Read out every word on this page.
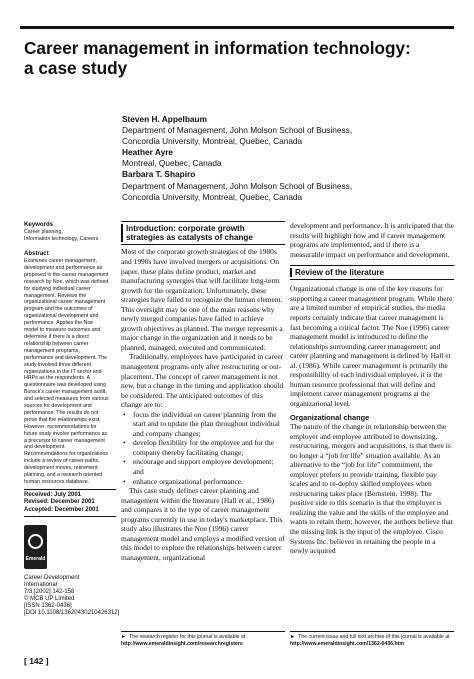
Career management in information technology:
a case study
Steven H. Appelbaum
Department of Management, John Molson School of Business,
Concordia University, Montreal, Quebec, Canada
Heather Ayre
Montreal, Quebec, Canada
Barbara T. Shapiro
Department of Management, John Molson School of Business,
Concordia University, Montreal, Quebec, Canada
Keywords
Career planning,
Information technology, Careers
Abstract
Examines career management,
development and performance as
proposed in the career management
research by Noe, which was defined
for studying individual career
management. Reviews the
organizational career management
program and the outcomes of
organizational development and
performance. Applies the Noe
model to measure outcomes and
determine if there is a direct
relationship between career
management programs,
performance and development. The
study involved three different
organizations in the IT sector and
HRPs as the respondents. A
questionnaire was developed using
Burack's career management audit,
and selected measures from various
sources for development and
performance. The results do not
prove that the relationships exist.
However, recommendations for
future study involve performance as
a precursor to career management
and development.
Recommendations for organizations
include a review of career paths,
development moves, retirement
planning, and a research oriented
human resources database.
Received: July 2001
Revised: December 2001
Accepted: December 2001
Emerald
Career Development
International
7/3 [2002] 142-158
© MCB UP Limited
[ISSN 1362-0436]
[DOI 10.1108/13620430210426312]
[ 142 ]
Introduction: corporate growth
strategies as catalysts of change

Most of the corporate growth strategies of the 1980s and 1990s have involved mergers or acquisitions. On paper, these plans define product, market and manufacturing synergies that will facilitate long-term growth for the organization. Unfortunately, these strategies have failed to recognize the human element. This oversight may be one of the main reasons why newly merged companies have failed to achieve growth objectives as planned. The merger represents a major change in the organization and it needs to be planned, managed, executed and communicated.

Traditionally, employees have participated in career management programs only after restructuring or out-placement. The concept of career management is not new, but a change in the timing and application should be considered. The anticipated outcomes of this change are to:

• focus the individual on career planning from the start and to update the plan throughout individual and company changes;
• develop flexibility for the employee and for the company thereby facilitating change;
• encourage and support employee development; and
• enhance organizational performance.

This case study defines career planning and management within the literature (Hall et al., 1986) and compares it to the type of career management programs currently in use in today's marketplace. This study also illustrates the Noe (1996) career management model and employs a modified version of this model to explore the relationships between career management, organizational

development and performance. It is anticipated that the results will highlight how and if career management programs are implemented, and if there is a measurable impact on performance and development.

Review of the literature

Organizational change is one of the key reasons for supporting a career management program. While there are a limited number of empirical studies, the media reports certainly indicate that career management is fast becoming a critical factor. The Noe (1996) career management model is introduced to define the relationships surrounding career management; and career planning and management is defined by Hall et al. (1986). While career management is primarily the responsibility of each individual employee, it is the human resource professional that will define and implement career management programs at the organizational level.

Organizational change

The nature of the change in relationship between the employer and employee attributed to downsizing, restructuring, mergers and acquisitions, is that there is no longer a “job for life” situation available. As an alternative to the “job for life” commitment, the employer prefers to provide training, flexible pay scales and to re-deploy skilled employees when restructuring takes place (Bernstein, 1998). The positive side to this scenario is that the employer is realizing the value and the skills of the employee and wants to retain them; however, the authors believe that the missing link is the input of the employee. Cisco Systems Inc. believes in retaining the people in a newly acquired

► The research register for this journal is available at
http://www.emeraldinsight.com/researchregisters
► The current issue and full text archive of this journal is available at
http://www.emeraldinsight.com/1362-0436.htm
